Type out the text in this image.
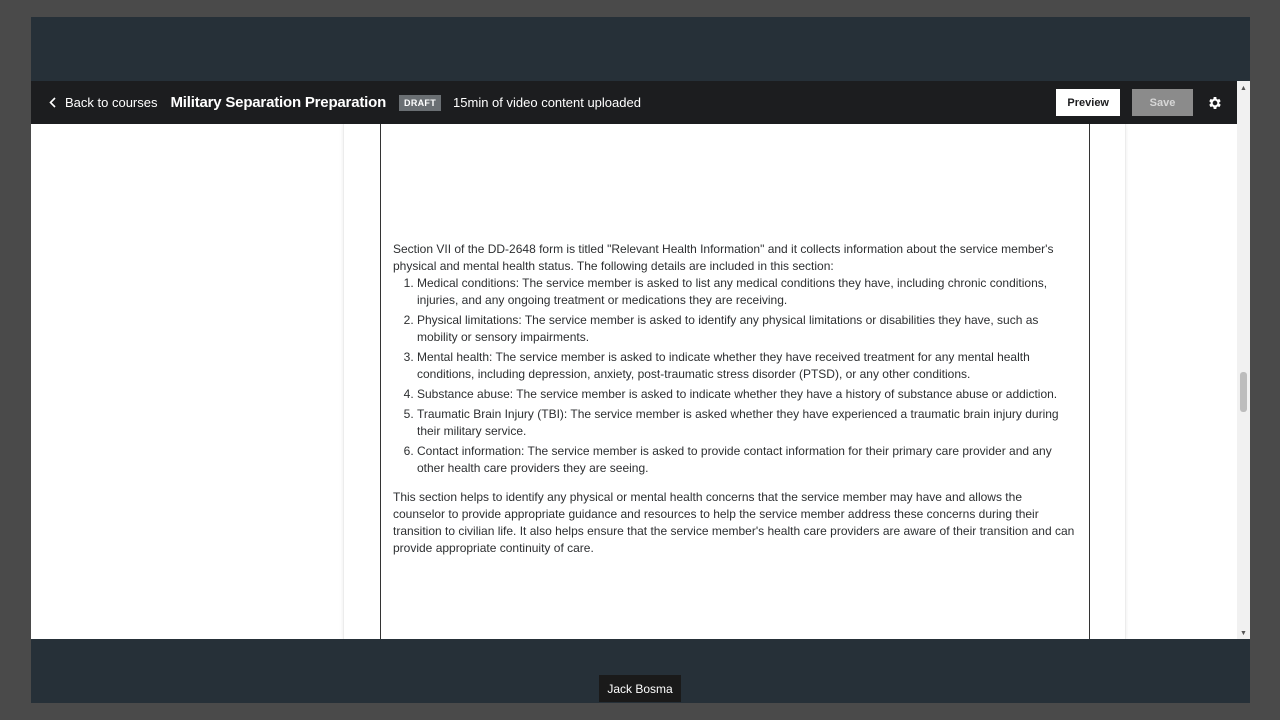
Back to courses Military Separation Preparation	DRAFT	15min of video content uploaded	Preview	Save

Section VII of the DD-2648 form is titled "Relevant Health Information" and it collects information about the service member's physical and mental health status. The following details are included in this section:

1. Medical conditions: The service member is asked to list any medical conditions they have, including chronic conditions, injuries, and any ongoing treatment or medications they are receiving.
2. Physical limitations: The service member is asked to identify any physical limitations or disabilities they have, such as mobility or sensory impairments.
3. Mental health: The service member is asked to indicate whether they have received treatment for any mental health conditions, including depression, anxiety, post-traumatic stress disorder (PTSD), or any other conditions.
4. Substance abuse: The service member is asked to indicate whether they have a history of substance abuse or addiction.
5. Traumatic Brain Injury (TBI): The service member is asked whether they have experienced a traumatic brain injury during their military service.
6. Contact information: The service member is asked to provide contact information for their primary care provider and any other health care providers they are seeing.

This section helps to identify any physical or mental health concerns that the service member may have and allows the counselor to provide appropriate guidance and resources to help the service member address these concerns during their transition to civilian life. It also helps ensure that the service member's health care providers are aware of their transition and can provide appropriate continuity of care.

▲
▼
Jack Bosma
